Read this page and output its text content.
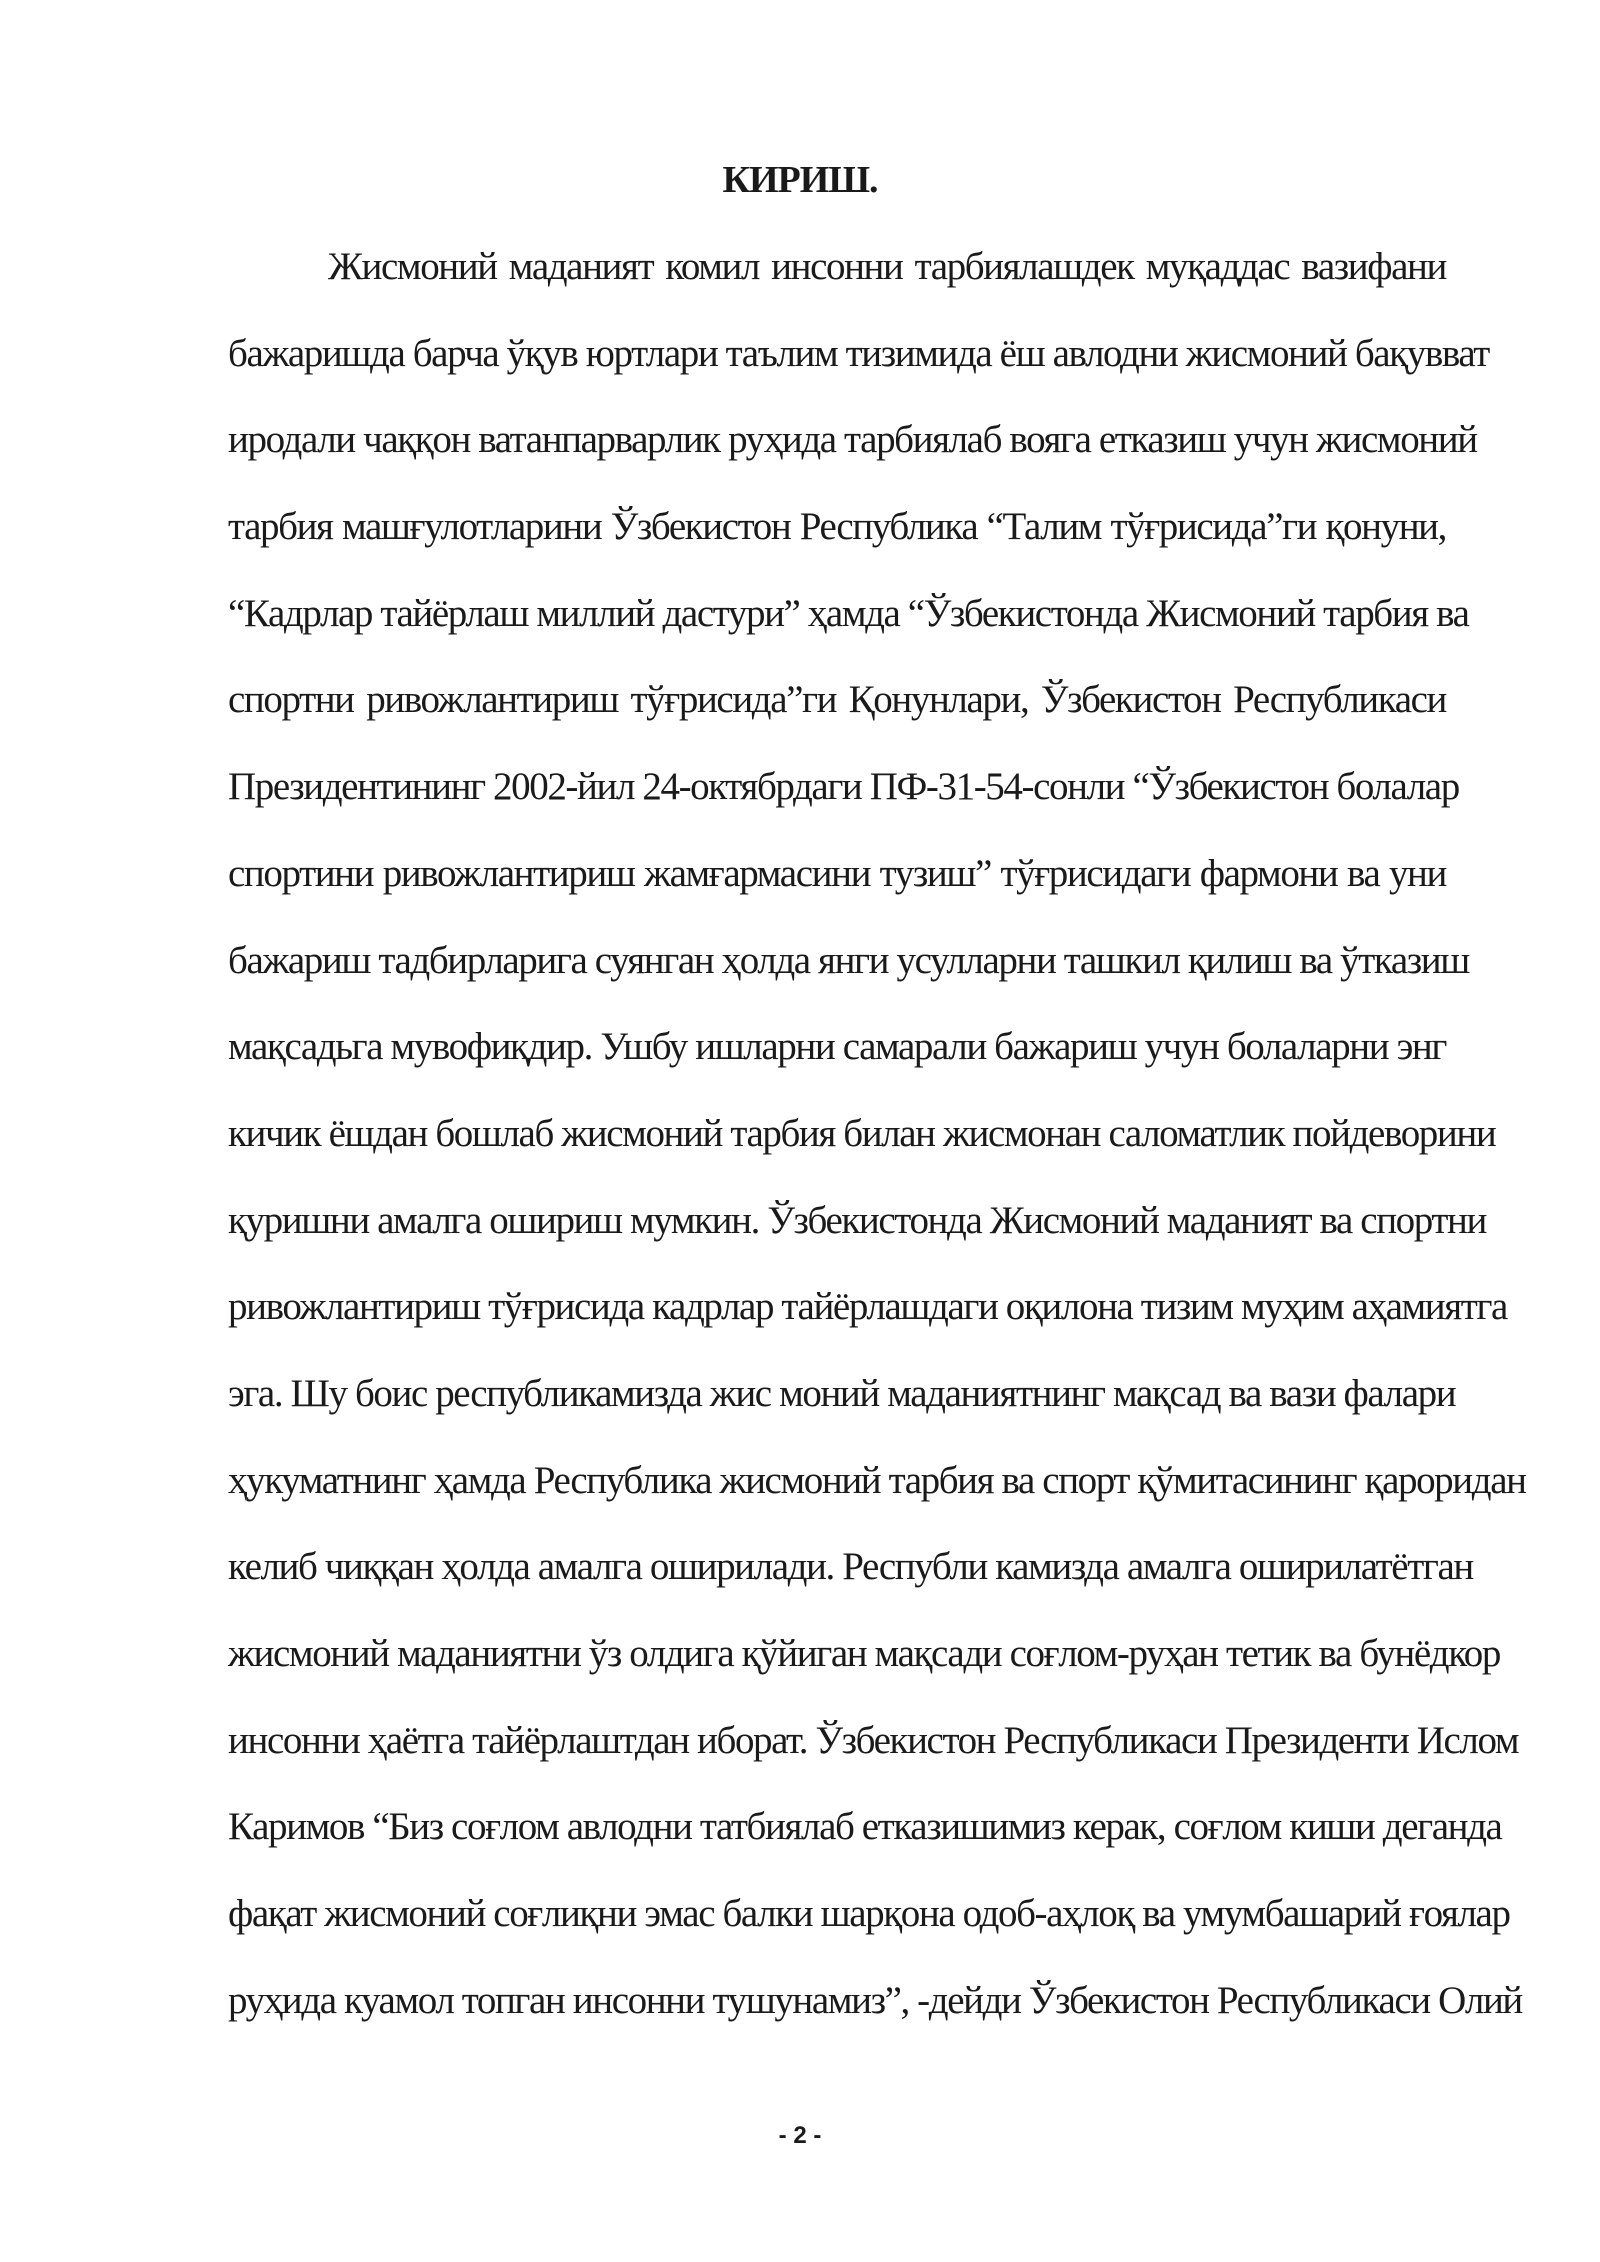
КИРИШ.
Жисмоний маданият комил инсонни тарбиялашдек муқаддас вазифани
бажаришда барча ўқув юртлари таълим тизимида ёш авлодни жисмоний бақувват
иродали чаққон ватанпарварлик руҳида тарбиялаб вояга етказиш учун жисмоний
тарбия машғулотларини Ўзбекистон Республика “Талим тўғрисида”ги қонуни,
“Кадрлар тайёрлаш миллий дастури” ҳамда “Ўзбекистонда Жисмоний тарбия ва
спортни ривожлантириш тўғрисида”ги Қонунлари, Ўзбекистон Республикаси
Президентининг 2002-йил 24-октябрдаги ПФ-31-54-сонли “Ўзбекистон болалар
спортини ривожлантириш жамғармасини тузиш” тўғрисидаги фармони ва уни
бажариш тадбирларига суянган ҳолда янги усулларни ташкил қилиш ва ўтказиш
мақсадьга мувофиқдир. Ушбу ишларни самарали бажариш учун болаларни энг
кичик ёшдан бошлаб жисмоний тарбия билан жисмонан саломатлик пойдеворини
қуришни амалга ошириш мумкин. Ўзбекистонда Жисмоний маданият ва спортни
ривожлантириш тўғрисида кадрлар тайёрлашдаги оқилона тизим муҳим аҳамиятга
эга. Шу боис республикамизда жис моний маданиятнинг мақсад ва вази фалари
ҳукуматнинг ҳамда Республика жисмоний тарбия ва спорт қўмитасининг қароридан
келиб чиққан ҳолда амалга оширилади. Республи камизда амалга оширилатётган
жисмоний маданиятни ўз олдига қўйиган мақсади соғлом-руҳан тетик ва бунёдкор
инсонни ҳаётга тайёрлаштдан иборат. Ўзбекистон Республикаси Президенти Ислом
Каримов “Биз соғлом авлодни татбиялаб етказишимиз керак, соғлом киши деганда
фақат жисмоний соғлиқни эмас балки шарқона одоб-аҳлоқ ва умумбашарий ғоялар
руҳида куамол топган инсонни тушунамиз”, -дейди Ўзбекистон Республикаси Олий
- 2 -
